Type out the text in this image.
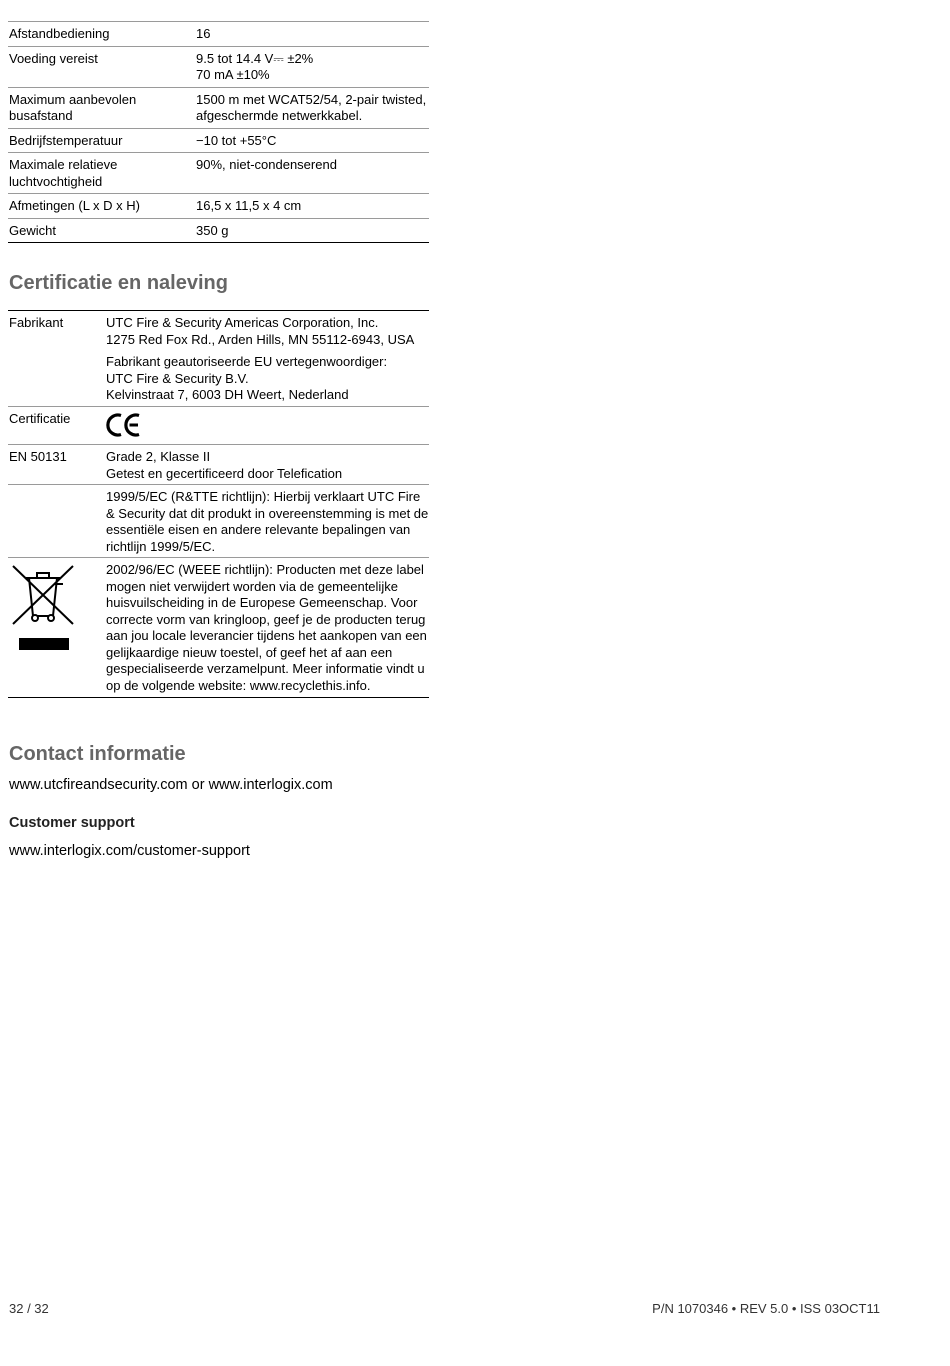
Afstandbediening	16
Voeding vereist	9.5 tot 14.4 V⎓ ±2%
70 mA ±10%
Maximum aanbevolen busafstand	1500 m met WCAT52/54, 2-pair twisted, afgeschermde netwerkkabel.
Bedrijfstemperatuur	−10 tot +55°C
Maximale relatieve luchtvochtigheid	90%, niet-condenserend
Afmetingen (L x D x H)	16,5 x 11,5 x 4 cm
Gewicht	350 g
Certificatie en naleving
Fabrikant	UTC Fire & Security Americas Corporation, Inc.
1275 Red Fox Rd., Arden Hills, MN 55112-6943, USA
Fabrikant geautoriseerde EU vertegenwoordiger:
UTC Fire & Security B.V.
Kelvinstraat 7, 6003 DH Weert, Nederland

Certificatie	
EN 50131	Grade 2, Klasse II
Getest en gecertificeerd door Telefication
	1999/5/EC (R&TTE richtlijn): Hierbij verklaart UTC Fire & Security dat dit produkt in overeenstemming is met de essentiële eisen en andere relevante bepalingen van richtlijn 1999/5/EC.

	2002/96/EC (WEEE richtlijn): Producten met deze label mogen niet verwijdert worden via de gemeentelijke huisvuilscheiding in de Europese Gemeenschap. Voor correcte vorm van kringloop, geef je de producten terug aan jou locale leverancier tijdens het aankopen van een gelijkaardige nieuw toestel, of geef het af aan een gespecialiseerde verzamelpunt. Meer informatie vindt u op de volgende website: www.recyclethis.info.
Contact informatie

www.utcfireandsecurity.com or www.interlogix.com

Customer support

www.interlogix.com/customer-support

32 / 32	P/N 1070346 • REV 5.0 • ISS 03OCT11
